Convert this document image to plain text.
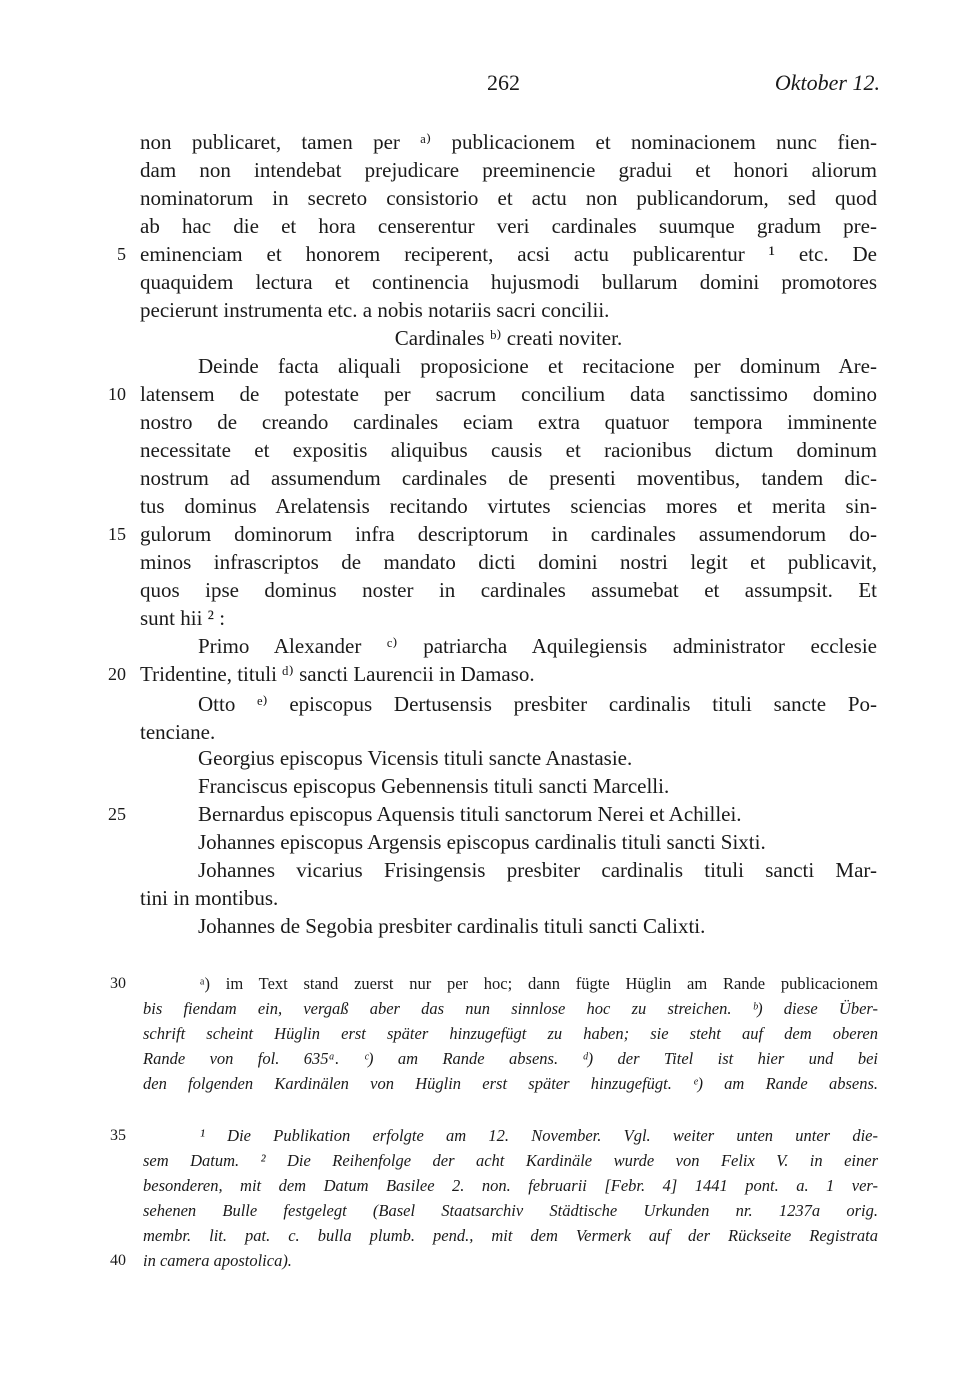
262	Oktober 12.
non publicaret, tamen per ᵃ⁾ publicacionem et nominacionem nunc fien-
dam non intendebat prejudicare preeminencie gradui et honori aliorum
nominatorum in secreto consistorio et actu non publicandorum, sed quod
ab hac die et hora censerentur veri cardinales suumque gradum pre-
eminenciam et honorem reciperent, acsi actu publicarentur ¹ etc. De
quaquidem lectura et continencia hujusmodi bullarum domini promotores
pecierunt instrumenta etc. a nobis notariis sacri concilii.
Cardinales ᵇ⁾ creati noviter.
Deinde facta aliquali proposicione et recitacione per dominum Are-
latensem de potestate per sacrum concilium data sanctissimo domino
nostro de creando cardinales eciam extra quatuor tempora imminente
necessitate et expositis aliquibus causis et racionibus dictum dominum
nostrum ad assumendum cardinales de presenti moventibus, tandem dic-
tus dominus Arelatensis recitando virtutes sciencias mores et merita sin-
gulorum dominorum infra descriptorum in cardinales assumendorum do-
minos infrascriptos de mandato dicti domini nostri legit et publicavit,
quos ipse dominus noster in cardinales assumebat et assumpsit. Et
sunt hii ² :
Primo Alexander ᶜ⁾ patriarcha Aquilegiensis administrator ecclesie
Tridentine, tituli ᵈ⁾ sancti Laurencii in Damaso.
Otto ᵉ⁾ episcopus Dertusensis presbiter cardinalis tituli sancte Po-
tenciane.
Georgius episcopus Vicensis tituli sancte Anastasie.
Franciscus episcopus Gebennensis tituli sancti Marcelli.
Bernardus episcopus Aquensis tituli sanctorum Nerei et Achillei.
Johannes episcopus Argensis episcopus cardinalis tituli sancti Sixti.
Johannes vicarius Frisingensis presbiter cardinalis tituli sancti Mar-
tini in montibus.
Johannes de Segobia presbiter cardinalis tituli sancti Calixti.
5
10
15
20
25
30
35
40
ᵃ) im Text stand zuerst nur per hoc; dann fügte Hüglin am Rande publicacionem
bis fiendam ein, vergaß aber das nun sinnlose hoc zu streichen. ᵇ) diese Über-
schrift scheint Hüglin erst später hinzugefügt zu haben; sie steht auf dem oberen
Rande von fol. 635ᵃ. ᶜ) am Rande absens. ᵈ) der Titel ist hier und bei
den folgenden Kardinälen von Hüglin erst später hinzugefügt. ᵉ) am Rande absens.
¹ Die Publikation erfolgte am 12. November. Vgl. weiter unten unter die-
sem Datum. ² Die Reihenfolge der acht Kardinäle wurde von Felix V. in einer
besonderen, mit dem Datum Basilee 2. non. februarii [Febr. 4] 1441 pont. a. 1 ver-
sehenen Bulle festgelegt (Basel Staatsarchiv Städtische Urkunden nr. 1237a orig.
membr. lit. pat. c. bulla plumb. pend., mit dem Vermerk auf der Rückseite Registrata
in camera apostolica).
